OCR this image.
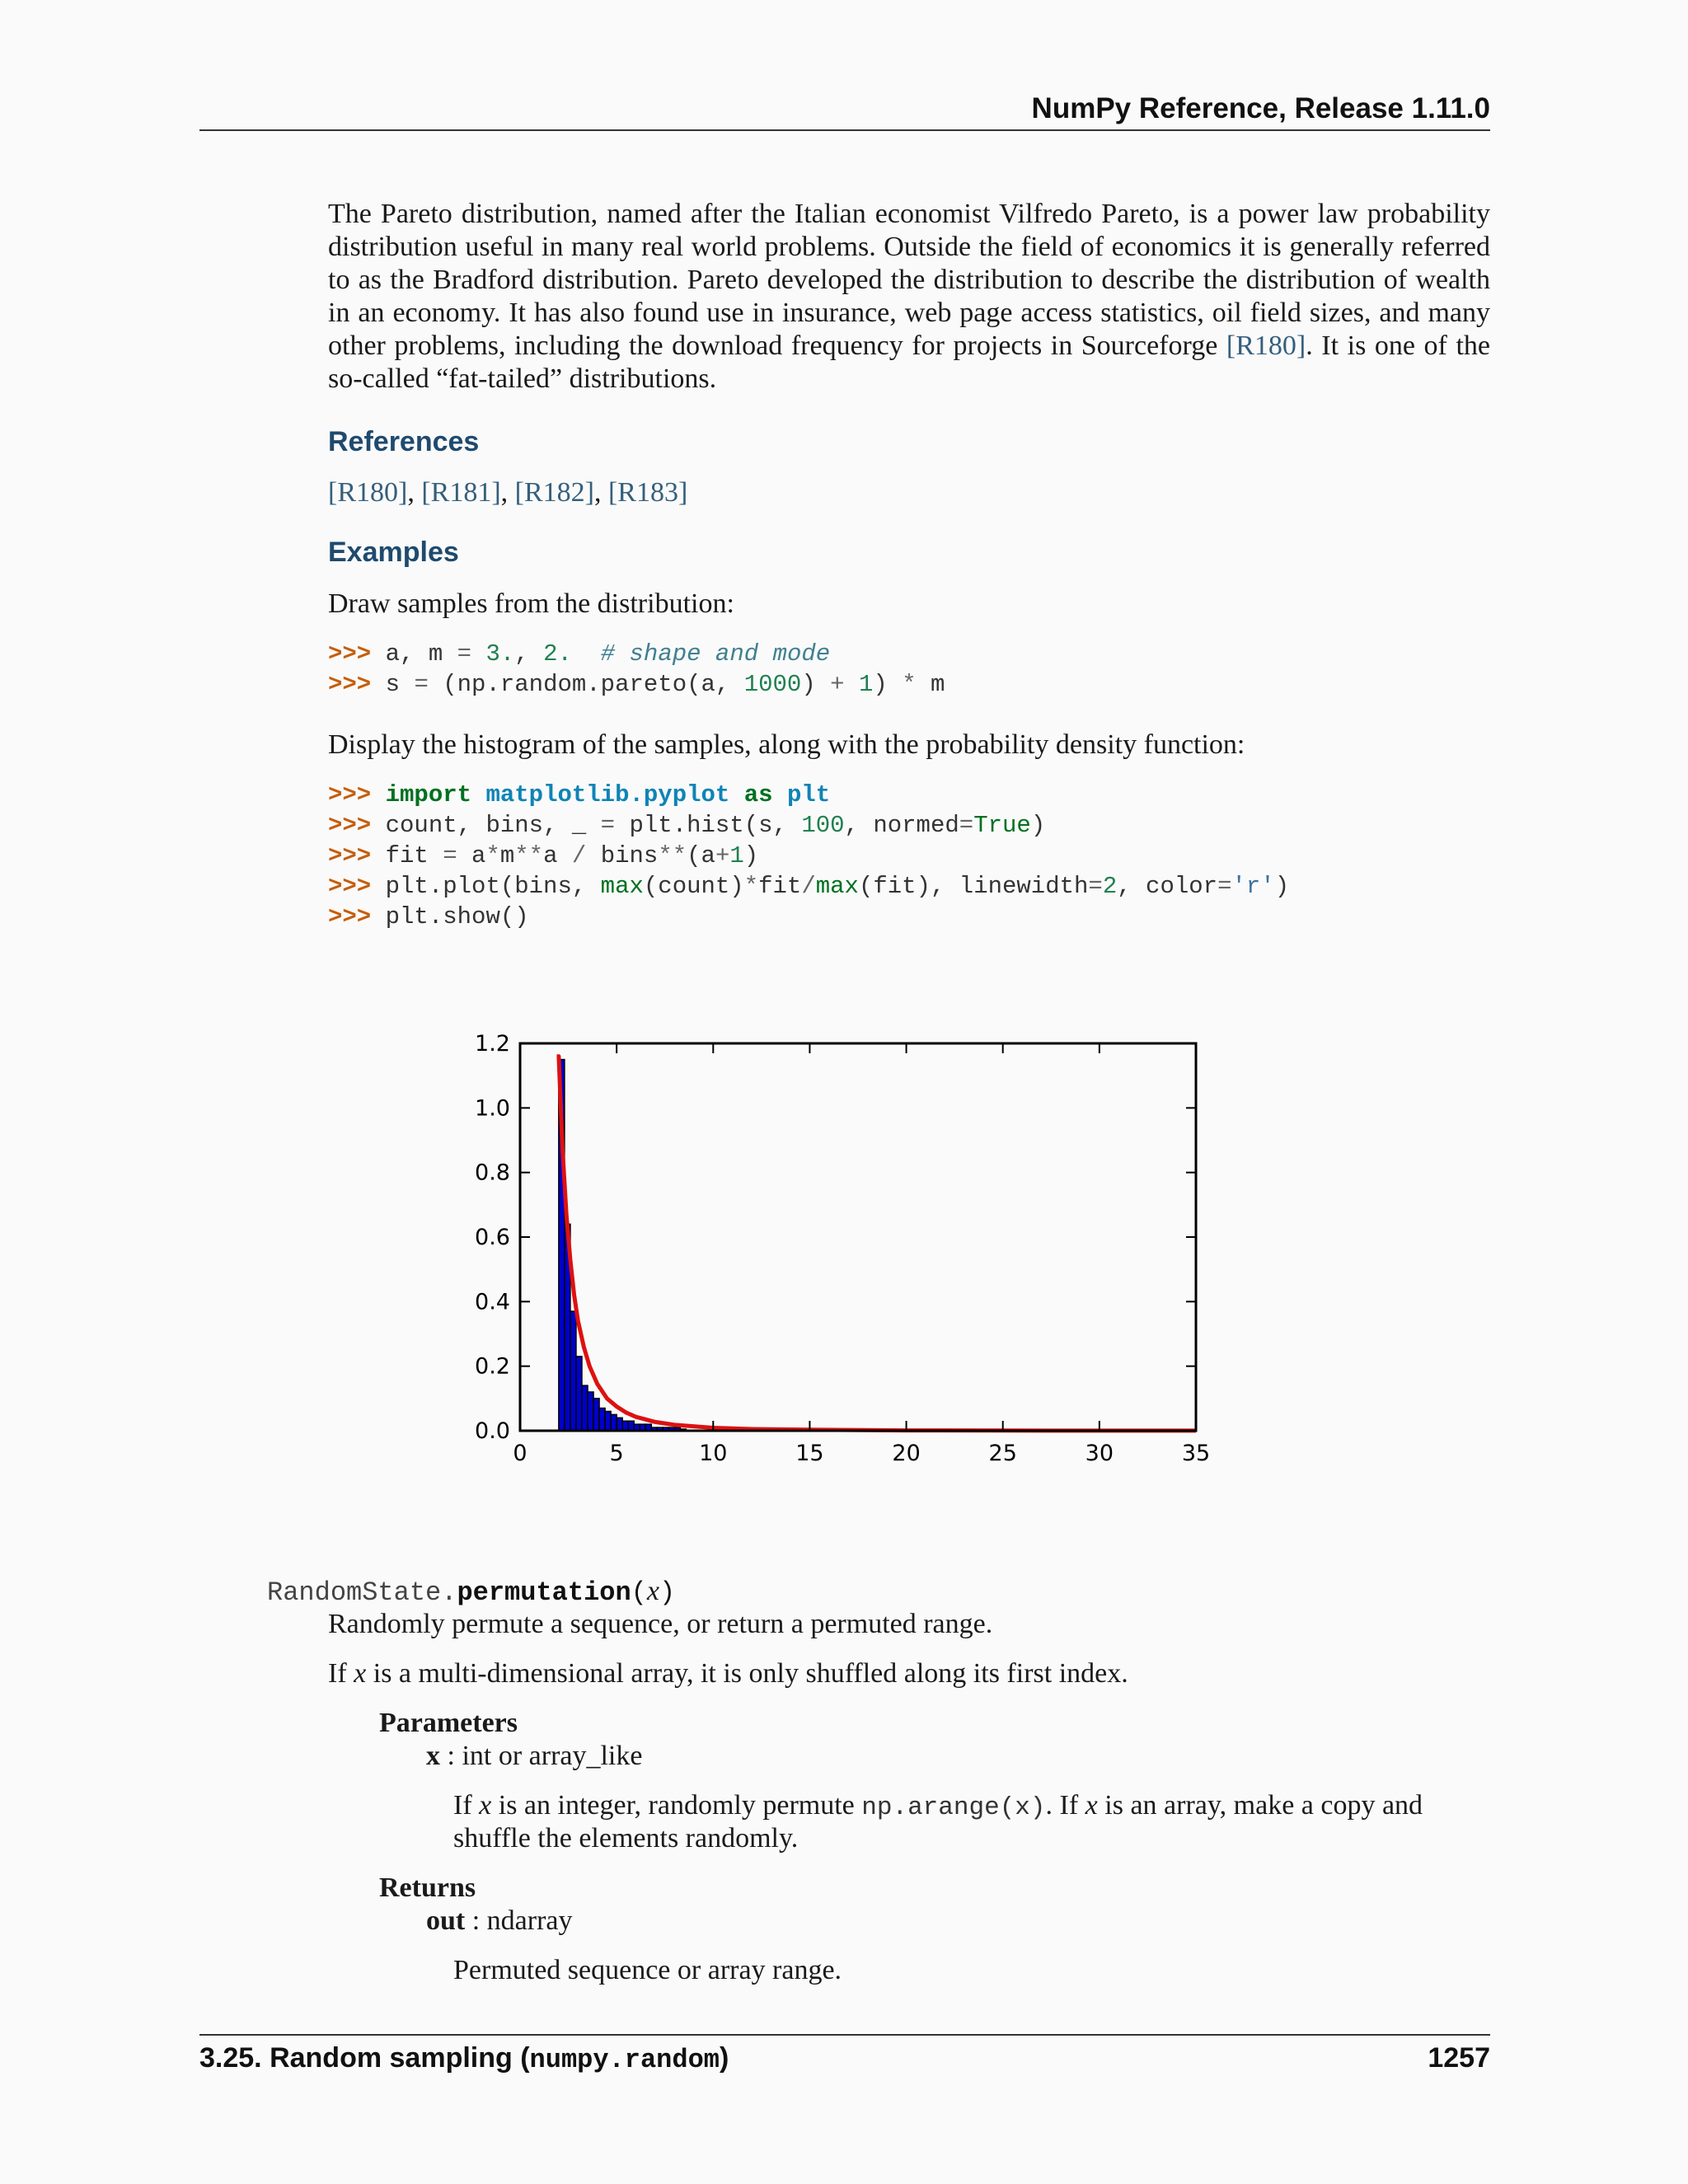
NumPy Reference, Release 1.11.0

The Pareto distribution, named after the Italian economist Vilfredo Pareto, is a power law probability distribution useful in many real world problems. Outside the field of economics it is generally referred to as the Bradford distribution. Pareto developed the distribution to describe the distribution of wealth in an economy. It has also found use in insurance, web page access statistics, oil field sizes, and many other problems, including the download frequency for projects in Sourceforge [R180]. It is one of the so-called “fat-tailed” distributions.

References
[R180], [R181], [R182], [R183]
Examples
Draw samples from the distribution:
>>> a, m = 3., 2. # shape and mode
>>> s = (np.random.pareto(a, 1000) + 1) * m
Display the histogram of the samples, along with the probability density function:
>>> import matplotlib.pyplot as plt
>>> count, bins, _ = plt.hist(s, 100, normed=True)
>>> fit = a*m**a / bins**(a+1)
>>> plt.plot(bins, max(count)*fit/max(fit), linewidth=2, color='r')
>>> plt.show()
0	5	10	15	20	25	30	35
0.0
0.2
0.4
0.6
0.8
1.0
1.2
RandomState.permutation(x)
Randomly permute a sequence, or return a permuted range.
If x is a multi-dimensional array, it is only shuffled along its first index.
Parameters
x : int or array_like
If x is an integer, randomly permute np.arange(x). If x is an array, make a copy and
shuffle the elements randomly.
Returns
out : ndarray
Permuted sequence or array range.
3.25. Random sampling (numpy.random)	1257
